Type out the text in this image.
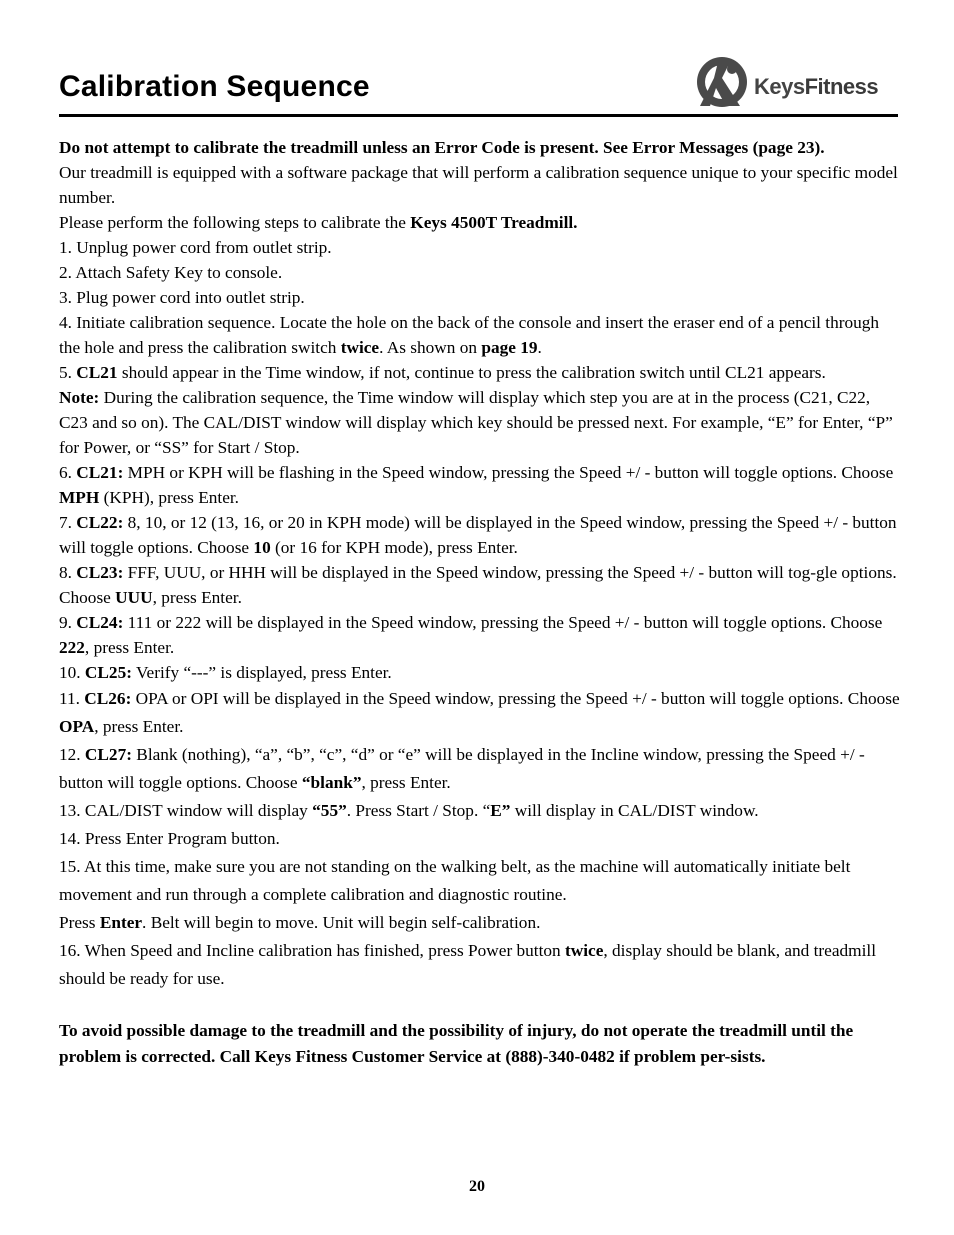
Calibration Sequence	KeysFitness

Do not attempt to calibrate the treadmill unless an Error Code is present. See Error Messages (page 23).

Our treadmill is equipped with a software package that will perform a calibration sequence unique to your specific model number.

Please perform the following steps to calibrate the Keys 4500T Treadmill.

1. Unplug power cord from outlet strip.

2. Attach Safety Key to console.

3. Plug power cord into outlet strip.

4. Initiate calibration sequence. Locate the hole on the back of the console and insert the eraser end of a pencil through the hole and press the calibration switch twice. As shown on page 19.

5. CL21 should appear in the Time window, if not, continue to press the calibration switch until CL21 appears.

Note: During the calibration sequence, the Time window will display which step you are at in the process (C21, C22, C23 and so on). The CAL/DIST window will display which key should be pressed next. For example, “E” for Enter, “P” for Power, or “SS” for Start / Stop.

6. CL21: MPH or KPH will be flashing in the Speed window, pressing the Speed +/ - button will toggle options. Choose MPH (KPH), press Enter.

7. CL22: 8, 10, or 12 (13, 16, or 20 in KPH mode) will be displayed in the Speed window, pressing the Speed +/ - button will toggle options. Choose 10 (or 16 for KPH mode), press Enter.

8. CL23: FFF, UUU, or HHH will be displayed in the Speed window, pressing the Speed +/ - button will tog-gle options. Choose UUU, press Enter.

9. CL24: 111 or 222 will be displayed in the Speed window, pressing the Speed +/ - button will toggle options. Choose 222, press Enter.

10. CL25: Verify “---” is displayed, press Enter.

11. CL26: OPA or OPI will be displayed in the Speed window, pressing the Speed +/ - button will toggle options. Choose OPA, press Enter.

12. CL27: Blank (nothing), “a”, “b”, “c”, “d” or “e” will be displayed in the Incline window, pressing the Speed +/ - button will toggle options. Choose “blank”, press Enter.

13. CAL/DIST window will display “55”. Press Start / Stop. “E” will display in CAL/DIST window.

14. Press Enter Program button.

15. At this time, make sure you are not standing on the walking belt, as the machine will automatically initiate belt movement and run through a complete calibration and diagnostic routine.

Press Enter. Belt will begin to move. Unit will begin self-calibration.

16. When Speed and Incline calibration has finished, press Power button twice, display should be blank, and treadmill should be ready for use.

To avoid possible damage to the treadmill and the possibility of injury, do not operate the treadmill until the problem is corrected. Call Keys Fitness Customer Service at (888)-340-0482 if problem per-sists.

20
